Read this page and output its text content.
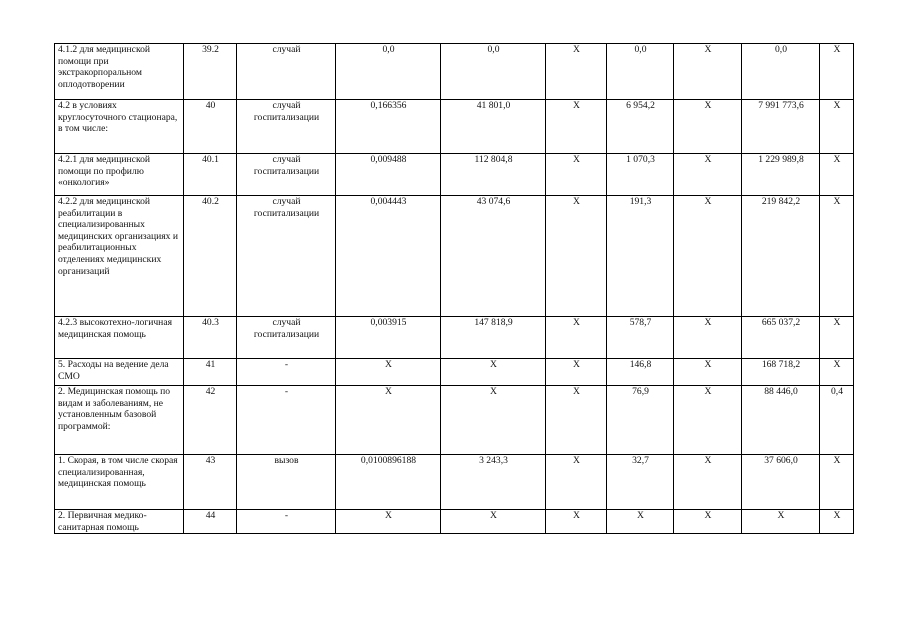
4.1.2 для медицинской помощи при экстракорпоральном оплодотворении	39.2	случай	0,0	0,0	X	0,0	X	0,0	X
4.2 в условиях круглосуточного стационара, в том числе:	40	случай госпитализации	0,166356	41 801,0	X	6 954,2	X	7 991 773,6	X
4.2.1 для медицинской помощи по профилю «онкология»	40.1	случай госпитализации	0,009488	112 804,8	X	1 070,3	X	1 229 989,8	X
4.2.2 для медицинской реабилитации в специализированных медицинских организациях и реабилитационных отделениях медицинских организаций	40.2	случай госпитализации	0,004443	43 074,6	X	191,3	X	219 842,2	X
4.2.3 высокотехно-логичная медицинская помощь	40.3	случай госпитализации	0,003915	147 818,9	X	578,7	X	665 037,2	X
5. Расходы на ведение дела СМО	41	-	X	X	X	146,8	X	168 718,2	X
2. Медицинская помощь по видам и заболеваниям, не установленным базовой программой:	42	-	X	X	X	76,9	X	88 446,0	0,4
1. Скорая, в том числе скорая специализированная, медицинская помощь	43	вызов	0,0100896188	3 243,3	X	32,7	X	37 606,0	X
2. Первичная медико-санитарная помощь	44	-	X	X	X	X	X	X	X
